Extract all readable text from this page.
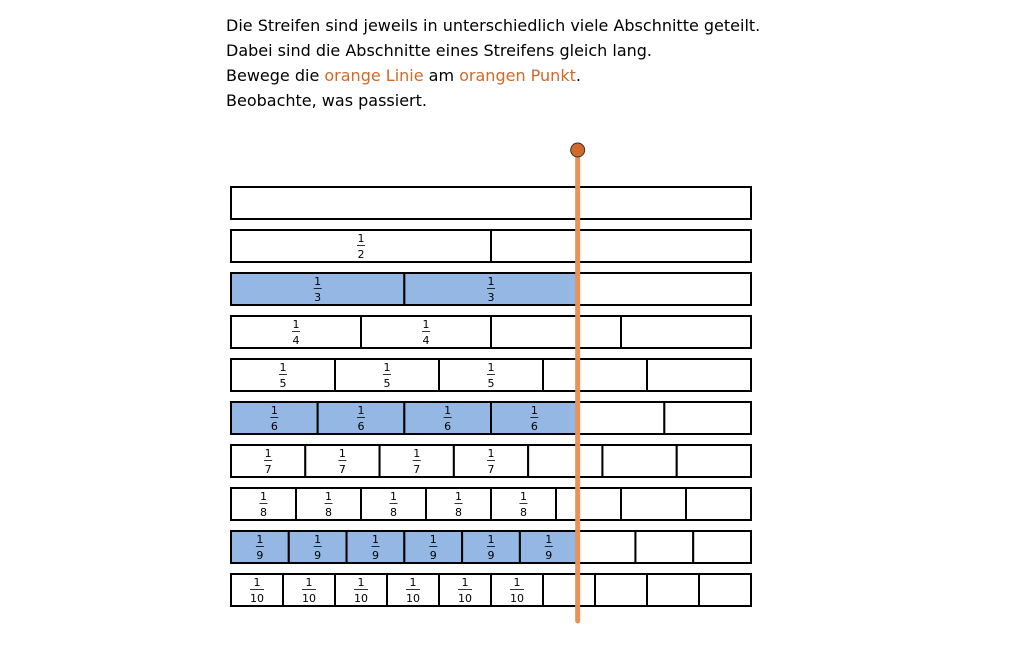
Die Streifen sind jeweils in unterschiedlich viele Abschnitte geteilt.

Dabei sind die Abschnitte eines Streifens gleich lang.

Bewege die orange Linie am orangen Punkt.

Beobachte, was passiert.

1
2
1
3
1
3
1
4
1
4
1
5
1
5
1
5
1
6
1
6
1
6
1
6
1
7
1
7
1
7
1
7
1
8
1
8
1
8
1
8
1
8
1
9
1
9
1
9
1
9
1
9
1
9
1
10
1
10
1
10
1
10
1
10
1
10
